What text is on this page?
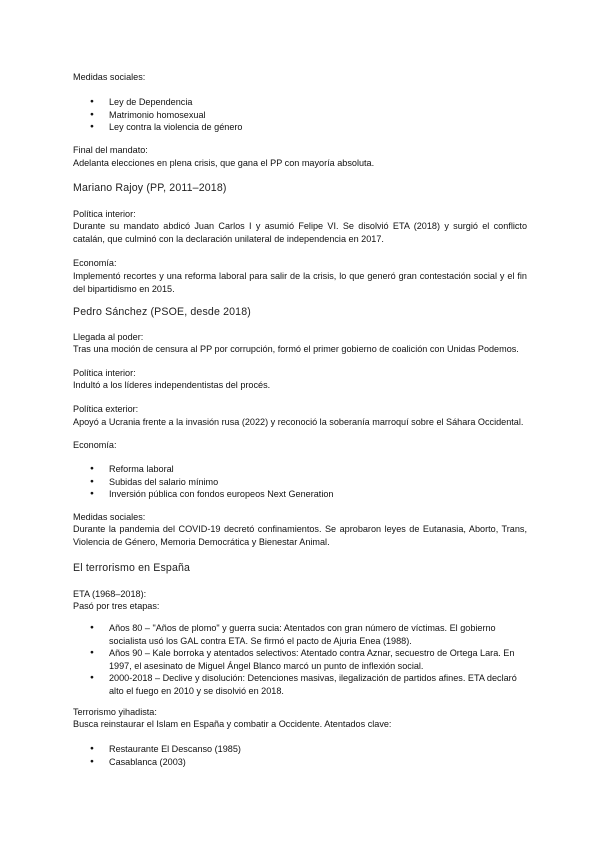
Medidas sociales:
● Ley de Dependencia
● Matrimonio homosexual
● Ley contra la violencia de género
Final del mandato:
Adelanta elecciones en plena crisis, que gana el PP con mayoría absoluta.
Mariano Rajoy (PP, 2011–2018)
Política interior:
Durante su mandato abdicó Juan Carlos I y asumió Felipe VI. Se disolvió ETA (2018) y surgió el conflicto catalán, que culminó con la declaración unilateral de independencia en 2017.
Economía:
Implementó recortes y una reforma laboral para salir de la crisis, lo que generó gran contestación social y el fin del bipartidismo en 2015.
Pedro Sánchez (PSOE, desde 2018)
Llegada al poder:
Tras una moción de censura al PP por corrupción, formó el primer gobierno de coalición con Unidas Podemos.
Política interior:
Indultó a los líderes independentistas del procés.
Política exterior:
Apoyó a Ucrania frente a la invasión rusa (2022) y reconoció la soberanía marroquí sobre el Sáhara Occidental.
Economía:
● Reforma laboral
● Subidas del salario mínimo
● Inversión pública con fondos europeos Next Generation
Medidas sociales:
Durante la pandemia del COVID-19 decretó confinamientos. Se aprobaron leyes de Eutanasia, Aborto, Trans, Violencia de Género, Memoria Democrática y Bienestar Animal.
El terrorismo en España
ETA (1968–2018):
Pasó por tres etapas:
● Años 80 – "Años de plomo" y guerra sucia: Atentados con gran número de víctimas. El gobierno socialista usó los GAL contra ETA. Se firmó el pacto de Ajuria Enea (1988).
● Años 90 – Kale borroka y atentados selectivos: Atentado contra Aznar, secuestro de Ortega Lara. En 1997, el asesinato de Miguel Ángel Blanco marcó un punto de inflexión social.
● 2000-2018 – Declive y disolución: Detenciones masivas, ilegalización de partidos afines. ETA declaró alto el fuego en 2010 y se disolvió en 2018.
Terrorismo yihadista:
Busca reinstaurar el Islam en España y combatir a Occidente. Atentados clave:
● Restaurante El Descanso (1985)
● Casablanca (2003)
